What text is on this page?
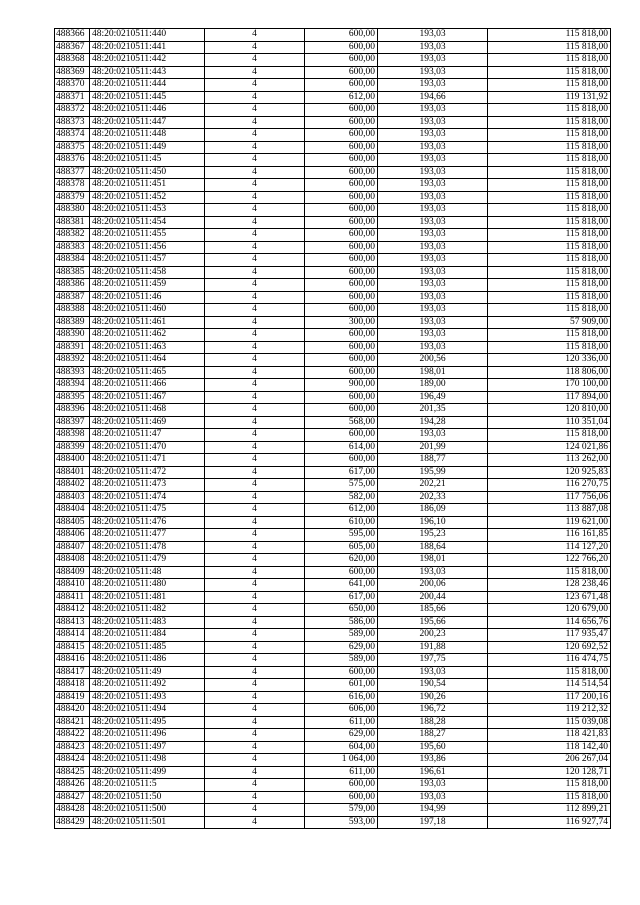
488366	48:20:0210511:440	4	600,00	193,03	115 818,00
488367	48:20:0210511:441	4	600,00	193,03	115 818,00
488368	48:20:0210511:442	4	600,00	193,03	115 818,00
488369	48:20:0210511:443	4	600,00	193,03	115 818,00
488370	48:20:0210511:444	4	600,00	193,03	115 818,00
488371	48:20:0210511:445	4	612,00	194,66	119 131,92
488372	48:20:0210511:446	4	600,00	193,03	115 818,00
488373	48:20:0210511:447	4	600,00	193,03	115 818,00
488374	48:20:0210511:448	4	600,00	193,03	115 818,00
488375	48:20:0210511:449	4	600,00	193,03	115 818,00
488376	48:20:0210511:45	4	600,00	193,03	115 818,00
488377	48:20:0210511:450	4	600,00	193,03	115 818,00
488378	48:20:0210511:451	4	600,00	193,03	115 818,00
488379	48:20:0210511:452	4	600,00	193,03	115 818,00
488380	48:20:0210511:453	4	600,00	193,03	115 818,00
488381	48:20:0210511:454	4	600,00	193,03	115 818,00
488382	48:20:0210511:455	4	600,00	193,03	115 818,00
488383	48:20:0210511:456	4	600,00	193,03	115 818,00
488384	48:20:0210511:457	4	600,00	193,03	115 818,00
488385	48:20:0210511:458	4	600,00	193,03	115 818,00
488386	48:20:0210511:459	4	600,00	193,03	115 818,00
488387	48:20:0210511:46	4	600,00	193,03	115 818,00
488388	48:20:0210511:460	4	600,00	193,03	115 818,00
488389	48:20:0210511:461	4	300,00	193,03	57 909,00
488390	48:20:0210511:462	4	600,00	193,03	115 818,00
488391	48:20:0210511:463	4	600,00	193,03	115 818,00
488392	48:20:0210511:464	4	600,00	200,56	120 336,00
488393	48:20:0210511:465	4	600,00	198,01	118 806,00
488394	48:20:0210511:466	4	900,00	189,00	170 100,00
488395	48:20:0210511:467	4	600,00	196,49	117 894,00
488396	48:20:0210511:468	4	600,00	201,35	120 810,00
488397	48:20:0210511:469	4	568,00	194,28	110 351,04
488398	48:20:0210511:47	4	600,00	193,03	115 818,00
488399	48:20:0210511:470	4	614,00	201,99	124 021,86
488400	48:20:0210511:471	4	600,00	188,77	113 262,00
488401	48:20:0210511:472	4	617,00	195,99	120 925,83
488402	48:20:0210511:473	4	575,00	202,21	116 270,75
488403	48:20:0210511:474	4	582,00	202,33	117 756,06
488404	48:20:0210511:475	4	612,00	186,09	113 887,08
488405	48:20:0210511:476	4	610,00	196,10	119 621,00
488406	48:20:0210511:477	4	595,00	195,23	116 161,85
488407	48:20:0210511:478	4	605,00	188,64	114 127,20
488408	48:20:0210511:479	4	620,00	198,01	122 766,20
488409	48:20:0210511:48	4	600,00	193,03	115 818,00
488410	48:20:0210511:480	4	641,00	200,06	128 238,46
488411	48:20:0210511:481	4	617,00	200,44	123 671,48
488412	48:20:0210511:482	4	650,00	185,66	120 679,00
488413	48:20:0210511:483	4	586,00	195,66	114 656,76
488414	48:20:0210511:484	4	589,00	200,23	117 935,47
488415	48:20:0210511:485	4	629,00	191,88	120 692,52
488416	48:20:0210511:486	4	589,00	197,75	116 474,75
488417	48:20:0210511:49	4	600,00	193,03	115 818,00
488418	48:20:0210511:492	4	601,00	190,54	114 514,54
488419	48:20:0210511:493	4	616,00	190,26	117 200,16
488420	48:20:0210511:494	4	606,00	196,72	119 212,32
488421	48:20:0210511:495	4	611,00	188,28	115 039,08
488422	48:20:0210511:496	4	629,00	188,27	118 421,83
488423	48:20:0210511:497	4	604,00	195,60	118 142,40
488424	48:20:0210511:498	4	1 064,00	193,86	206 267,04
488425	48:20:0210511:499	4	611,00	196,61	120 128,71
488426	48:20:0210511:5	4	600,00	193,03	115 818,00
488427	48:20:0210511:50	4	600,00	193,03	115 818,00
488428	48:20:0210511:500	4	579,00	194,99	112 899,21
488429	48:20:0210511:501	4	593,00	197,18	116 927,74
